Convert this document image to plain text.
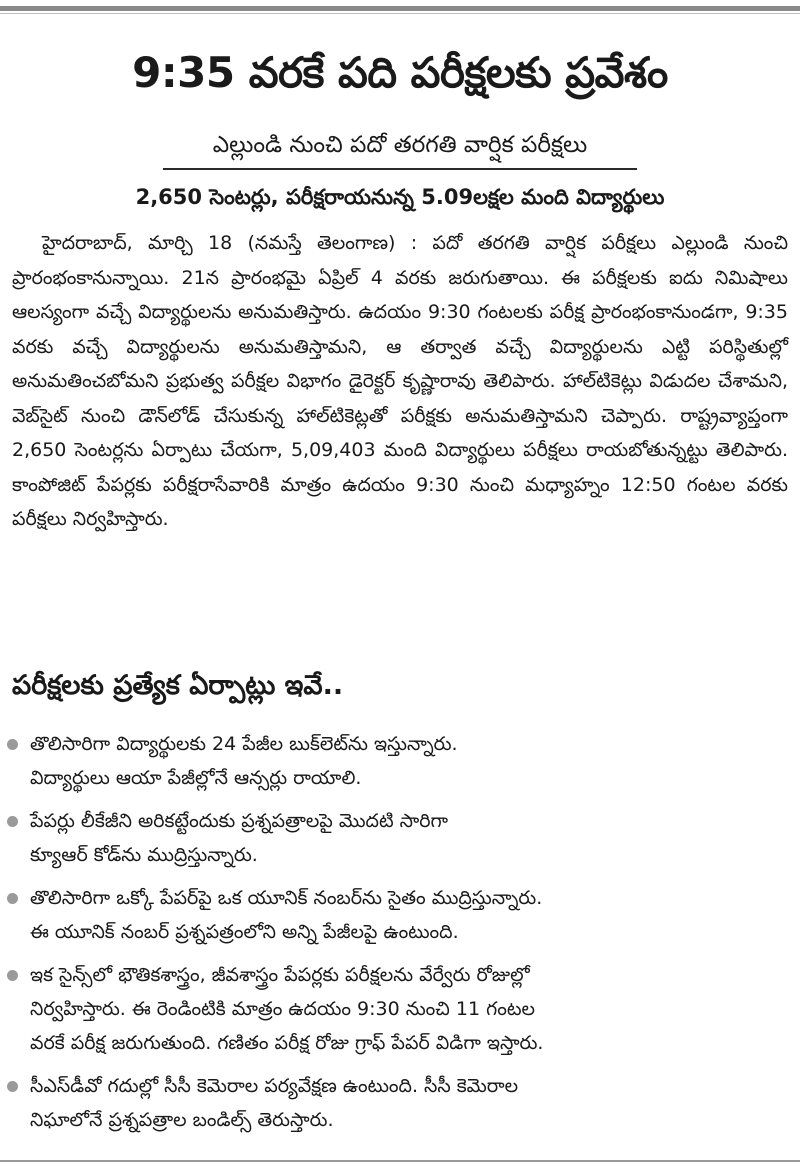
9:35 వరకే పది పరీక్షలకు ప్రవేశం
ఎల్లుండి నుంచి పదో తరగతి వార్షిక పరీక్షలు
2,650 సెంటర్లు, పరీక్షరాయనున్న 5.09లక్షల మంది విద్యార్థులు

హైదరాబాద్, మార్చి 18 (నమస్తే తెలంగాణ) : పదో తరగతి వార్షిక పరీక్షలు ఎల్లుండి నుంచి ప్రారంభంకానున్నాయి. 21న ప్రారంభమై ఏప్రిల్ 4 వరకు జరుగుతాయి. ఈ పరీక్షలకు ఐదు నిమిషాలు ఆలస్యంగా వచ్చే విద్యార్థులను అనుమతిస్తారు. ఉదయం 9:30 గంటలకు పరీక్ష ప్రారంభంకానుండగా, 9:35 వరకు వచ్చే విద్యార్థులను అనుమతిస్తామని, ఆ తర్వాత వచ్చే విద్యార్థులను ఎట్టి పరిస్థితుల్లో అనుమతించబోమని ప్రభుత్వ పరీక్షల విభాగం డైరెక్టర్ కృష్ణారావు తెలిపారు. హాల్‌టికెట్లు విడుదల చేశామని, వెబ్‌సైట్ నుంచి డౌన్‌లోడ్ చేసుకున్న హాల్‌టికెట్లతో పరీక్షకు అనుమతిస్తామని చెప్పారు. రాష్ట్రవ్యాప్తంగా 2,650 సెంటర్లను ఏర్పాటు చేయగా, 5,09,403 మంది విద్యార్థులు పరీక్షలు రాయబోతున్నట్టు తెలిపారు. కాంపోజిట్ పేపర్లకు పరీక్షరాసేవారికి మాత్రం ఉదయం 9:30 నుంచి మధ్యాహ్నం 12:50 గంటల వరకు పరీక్షలు నిర్వహిస్తారు.

పరీక్షలకు ప్రత్యేక ఏర్పాట్లు ఇవే..
తొలిసారిగా విద్యార్థులకు 24 పేజీల బుక్‌లెట్‌ను ఇస్తున్నారు.
విద్యార్థులు ఆయా పేజీల్లోనే ఆన్సర్లు రాయాలి.
పేపర్లు లీకేజీని అరికట్టేందుకు ప్రశ్నపత్రాలపై మొదటి సారిగా
క్యూఆర్ కోడ్‌ను ముద్రిస్తున్నారు.
తొలిసారిగా ఒక్కో పేపర్‌పై ఒక యూనిక్ నంబర్‌ను సైతం ముద్రిస్తున్నారు.
ఈ యూనిక్ నంబర్ ప్రశ్నపత్రంలోని అన్ని పేజీలపై ఉంటుంది.
ఇక సైన్స్‌లో భౌతికశాస్త్రం, జీవశాస్త్రం పేపర్లకు పరీక్షలను వేర్వేరు రోజుల్లో
నిర్వహిస్తారు. ఈ రెండింటికి మాత్రం ఉదయం 9:30 నుంచి 11 గంటల
వరకే పరీక్ష జరుగుతుంది. గణితం పరీక్ష రోజు గ్రాఫ్ పేపర్ విడిగా ఇస్తారు.
సీఎస్‌డీవో గదుల్లో సీసీ కెమెరాల పర్యవేక్షణ ఉంటుంది. సీసీ కెమెరాల
నిఘాలోనే ప్రశ్నపత్రాల బండిల్స్ తెరుస్తారు.
